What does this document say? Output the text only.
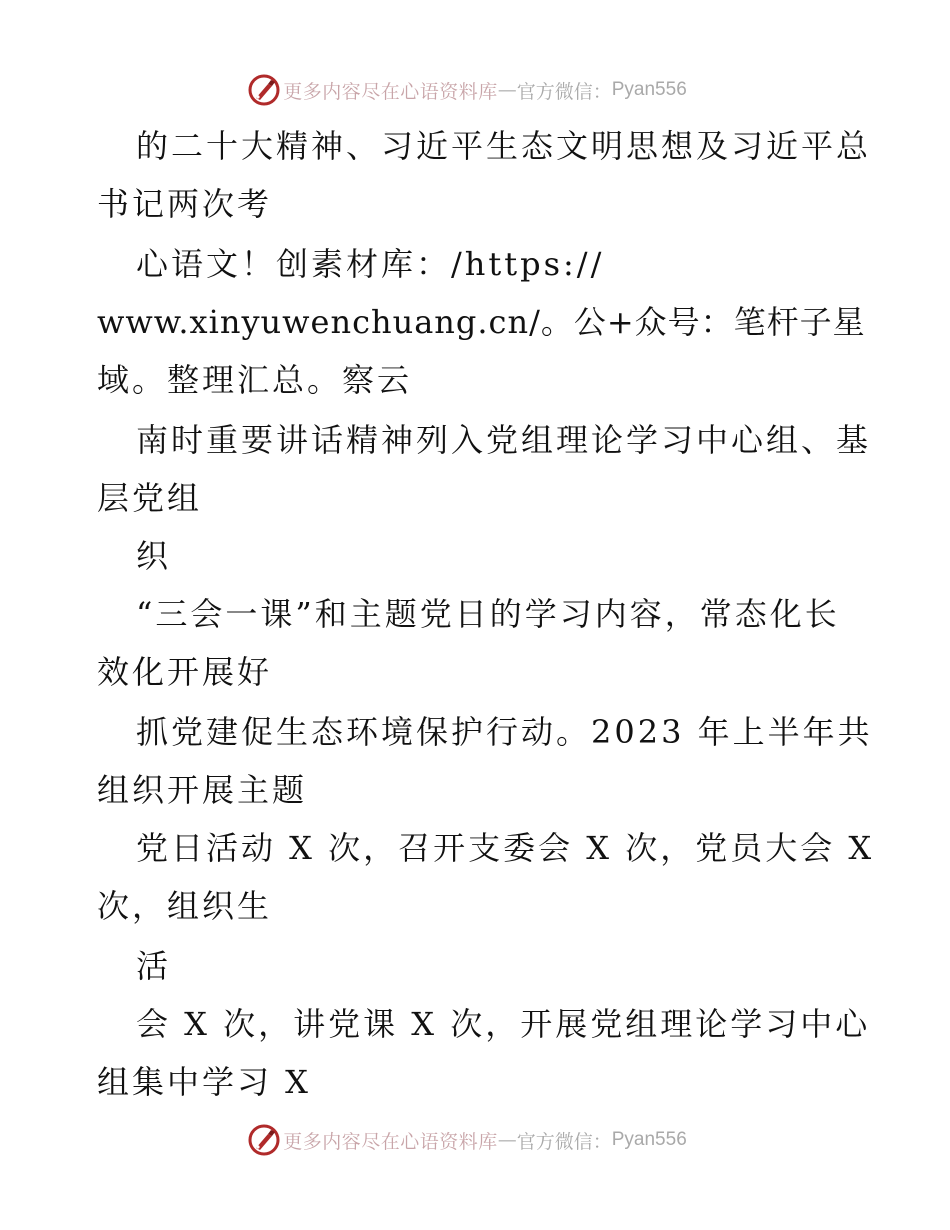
更多内容尽在心语资料库 — 官方微信： Pyan556
的二十大精神、习近平生态文明思想及习近平总
书记两次考
心语文！创素材库：/https://
www.xinyuwenchuang.cn/。公+众号：笔杆子星
域。整理汇总。察云
南时重要讲话精神列入党组理论学习中心组、基
层党组
织
“三会一课”和主题党日的学习内容，常态化长
效化开展好
抓党建促生态环境保护行动。2023 年上半年共
组织开展主题
党日活动 X 次，召开支委会 X 次，党员大会 X
次，组织生
活
会 X 次，讲党课 X 次，开展党组理论学习中心
组集中学习 X
更多内容尽在心语资料库 — 官方微信： Pyan556
